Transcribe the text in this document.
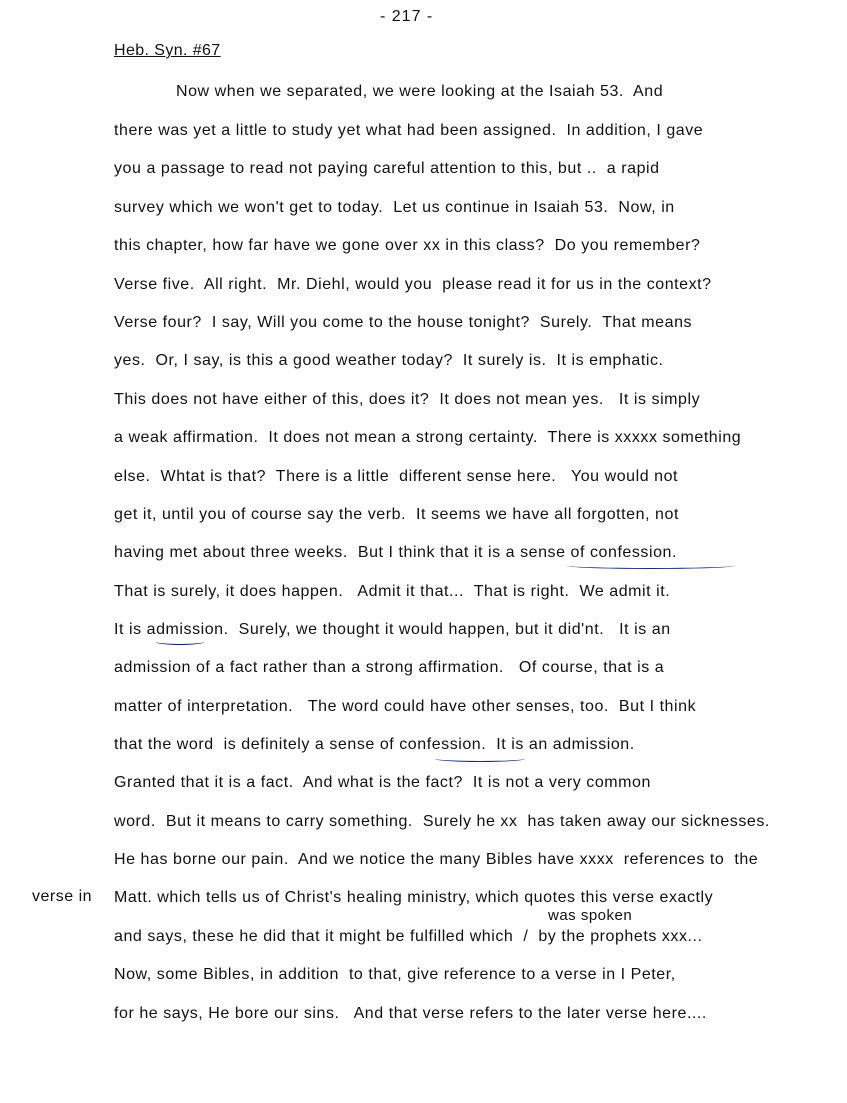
- 217 -
Heb. Syn. #67
Now when we separated, we were looking at the Isaiah 53.  And
there was yet a little to study yet what had been assigned.  In addition, I gave
you a passage to read not paying careful attention to this, but ..  a rapid
survey which we won't get to today.  Let us continue in Isaiah 53.  Now, in
this chapter, how far have we gone over xx in this class?  Do you remember?
Verse five.  All right.  Mr. Diehl, would you  please read it for us in the context?
Verse four?  I say, Will you come to the house tonight?  Surely.  That means
yes.  Or, I say, is this a good weather today?  It surely is.  It is emphatic.
This does not have either of this, does it?  It does not mean yes.   It is simply
a weak affirmation.  It does not mean a strong certainty.  There is xxxxx something
else.  Whtat is that?  There is a little  different sense here.   You would not
get it, until you of course say the verb.  It seems we have all forgotten, not
having met about three weeks.  But I think that it is a sense of confession.
That is surely, it does happen.   Admit it that...  That is right.  We admit it.
It is admission.  Surely, we thought it would happen, but it did'nt.   It is an
admission of a fact rather than a strong affirmation.   Of course, that is a
matter of interpretation.   The word could have other senses, too.  But I think
that the word  is definitely a sense of confession.  It is an admission.
Granted that it is a fact.  And what is the fact?  It is not a very common
word.  But it means to carry something.  Surely he xx  has taken away our sicknesses.
He has borne our pain.  And we notice the many Bibles have xxxx  references to  the
Matt. which tells us of Christ's healing ministry, which quotes this verse exactly
and says, these he did that it might be fulfilled which  /  by the prophets xxx...
Now, some Bibles, in addition  to that, give reference to a verse in I Peter,
for he says, He bore our sins.   And that verse refers to the later verse here....
verse in
was spoken
